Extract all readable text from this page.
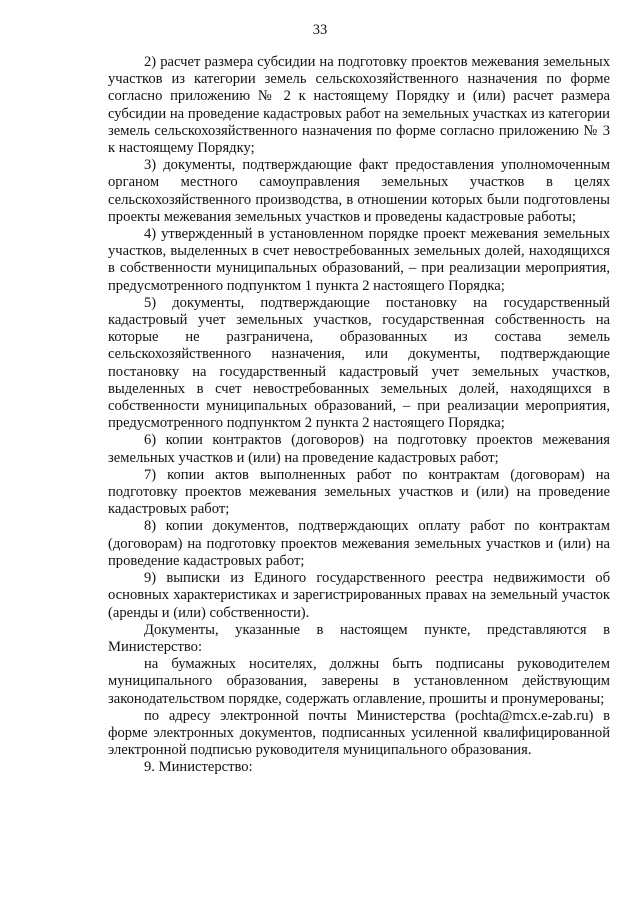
33

2) расчет размера субсидии на подготовку проектов межевания земельных участков из категории земель сельскохозяйственного назначения по форме согласно приложению № 2 к настоящему Порядку и (или) расчет размера субсидии на проведение кадастровых работ на земельных участках из категории земель сельскохозяйственного назначения по форме согласно приложению № 3 к настоящему Порядку;

3) документы, подтверждающие факт предоставления уполномоченным органом местного самоуправления земельных участков в целях сельскохозяйственного производства, в отношении которых были подготовлены проекты межевания земельных участков и проведены кадастровые работы;

4) утвержденный в установленном порядке проект межевания земельных участков, выделенных в счет невостребованных земельных долей, находящихся в собственности муниципальных образований, – при реализации мероприятия, предусмотренного подпунктом 1 пункта 2 настоящего Порядка;

5) документы, подтверждающие постановку на государственный кадастровый учет земельных участков, государственная собственность на которые не разграничена, образованных из состава земель сельскохозяйственного назначения, или документы, подтверждающие постановку на государственный кадастровый учет земельных участков, выделенных в счет невостребованных земельных долей, находящихся в собственности муниципальных образований, – при реализации мероприятия, предусмотренного подпунктом 2 пункта 2 настоящего Порядка;

6) копии контрактов (договоров) на подготовку проектов межевания земельных участков и (или) на проведение кадастровых работ;

7) копии актов выполненных работ по контрактам (договорам) на подготовку проектов межевания земельных участков и (или) на проведение кадастровых работ;

8) копии документов, подтверждающих оплату работ по контрактам (договорам) на подготовку проектов межевания земельных участков и (или) на проведение кадастровых работ;

9) выписки из Единого государственного реестра недвижимости об основных характеристиках и зарегистрированных правах на земельный участок (аренды и (или) собственности).

Документы, указанные в настоящем пункте, представляются в Министерство:

на бумажных носителях, должны быть подписаны руководителем муниципального образования, заверены в установленном действующим законодательством порядке, содержать оглавление, прошиты и пронумерованы;

по адресу электронной почты Министерства (pochta@mcx.e-zab.ru) в форме электронных документов, подписанных усиленной квалифицированной электронной подписью руководителя муниципального образования.

9. Министерство:
